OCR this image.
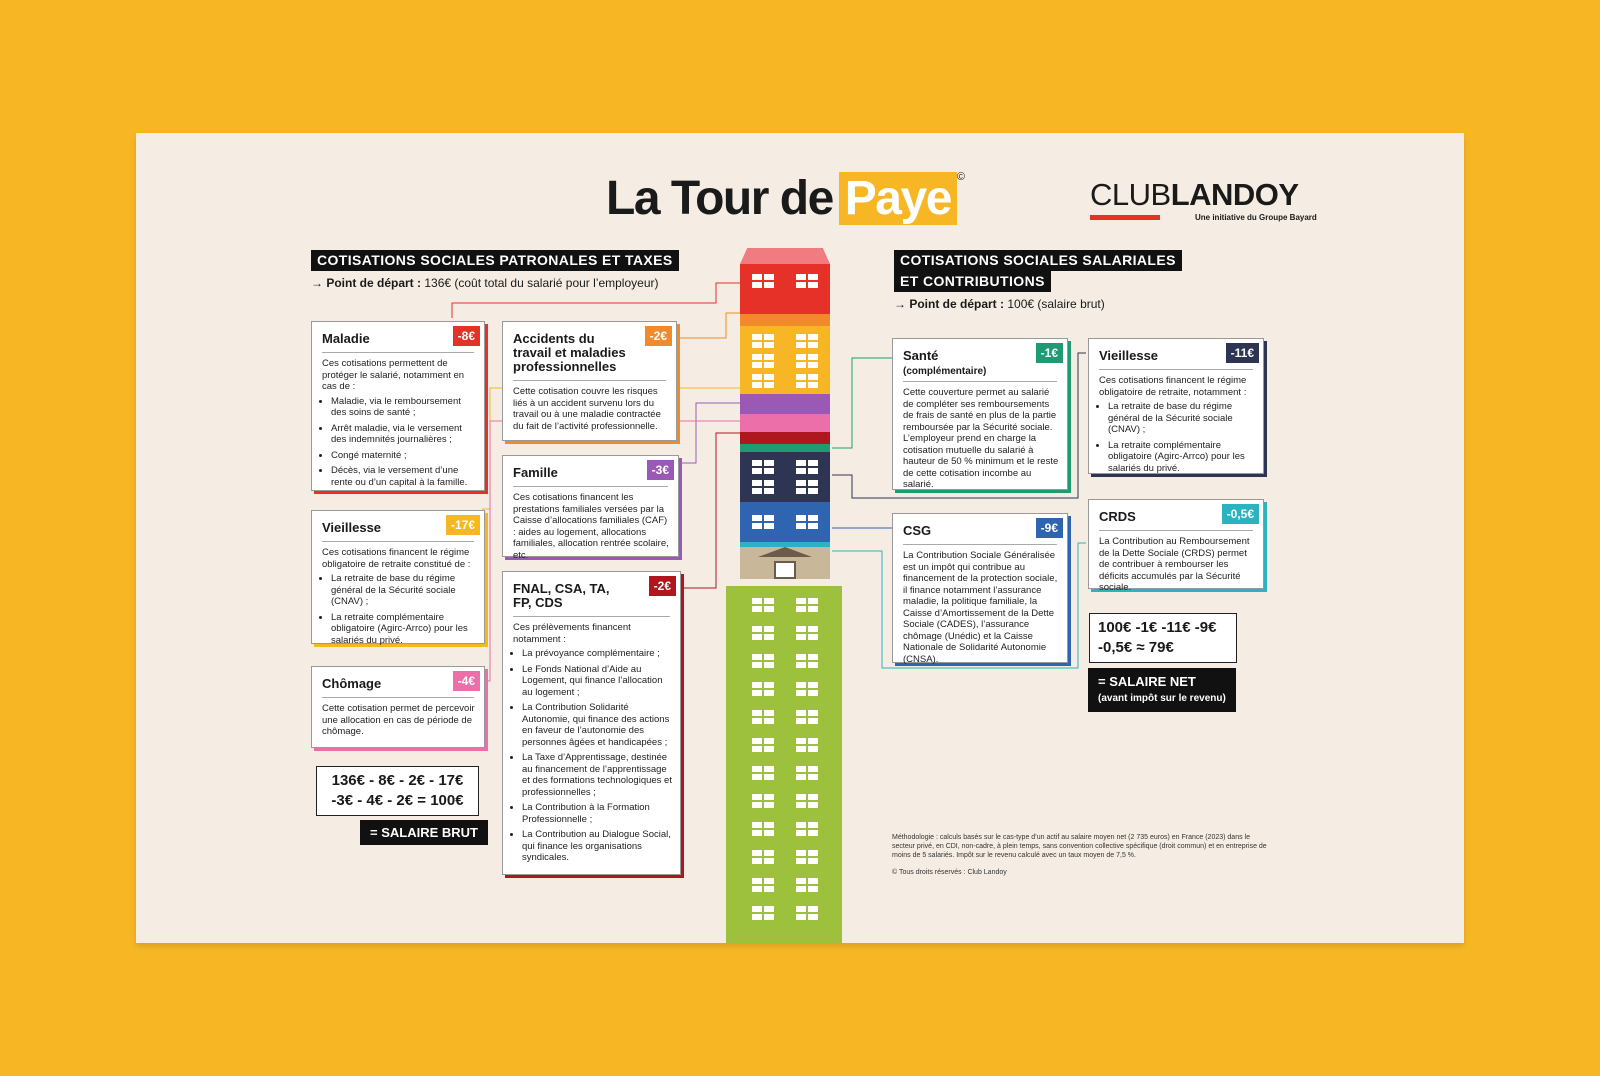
La Tour de Paye ©	CLUBLANDOY
Une initiative du Groupe Bayard
COTISATIONS SOCIALES PATRONALES ET TAXES
→ Point de départ : 136€ (coût total du salarié pour l’employeur)
COTISATIONS SOCIALES SALARIALES
ET CONTRIBUTIONS
→ Point de départ : 100€ (salaire brut)
Maladie	-8€
Ces cotisations permettent de protéger le salarié, notamment en cas de :
• Maladie, via le remboursement des soins de santé ;
• Arrêt maladie, via le versement des indemnités journalières ;
• Congé maternité ;
• Décès, via le versement d’une rente ou d’un capital à la famille.
Accidents du
travail et maladies
professionnelles
-2€
Cette cotisation couvre les risques liés à un accident survenu lors du travail ou à une maladie contractée du fait de l’activité professionnelle.
Vieillesse	-17€
Ces cotisations financent le régime obligatoire de retraite constitué de :
• La retraite de base du régime général de la Sécurité sociale (CNAV) ;
• La retraite complémentaire obligatoire (Agirc-Arrco) pour les salariés du privé.
Famille	-3€
Ces cotisations financent les prestations familiales versées par la Caisse d’allocations familiales (CAF) : aides au logement, allocations familiales, allocation rentrée scolaire, etc.
Chômage	-4€
Cette cotisation permet de percevoir une allocation en cas de période de chômage.
FNAL, CSA, TA,
FP, CDS
-2€
Ces prélèvements financent notamment :
• La prévoyance complémentaire ;
• Le Fonds National d’Aide au Logement, qui finance l’allocation au logement ;
• La Contribution Solidarité Autonomie, qui finance des actions en faveur de l’autonomie des personnes âgées et handicapées ;
• La Taxe d’Apprentissage, destinée au financement de l’apprentissage et des formations technologiques et professionnelles ;
• La Contribution à la Formation Professionnelle ;
• La Contribution au Dialogue Social, qui finance les organisations syndicales.
136€ - 8€ - 2€ - 17€
-3€ - 4€ - 2€ = 100€
= SALAIRE BRUT
Santé
(complémentaire)
-1€
Cette couverture permet au salarié de compléter ses remboursements de frais de santé en plus de la partie remboursée par la Sécurité sociale. L’employeur prend en charge la cotisation mutuelle du salarié à hauteur de 50 % minimum et le reste de cette cotisation incombe au salarié.
Vieillesse	-11€
Ces cotisations financent le régime obligatoire de retraite, notamment :
• La retraite de base du régime général de la Sécurité sociale (CNAV) ;
• La retraite complémentaire obligatoire (Agirc-Arrco) pour les salariés du privé.
CSG	-9€
La Contribution Sociale Généralisée est un impôt qui contribue au financement de la protection sociale, il finance notamment l’assurance maladie, la politique familiale, la Caisse d’Amortissement de la Dette Sociale (CADES), l’assurance chômage (Unédic) et la Caisse Nationale de Solidarité Autonomie (CNSA).
CRDS	-0,5€
La Contribution au Remboursement de la Dette Sociale (CRDS) permet de contribuer à rembourser les déficits accumulés par la Sécurité sociale.
100€ -1€ -11€ -9€
-0,5€ ≈ 79€
= SALAIRE NET
(avant impôt sur le revenu)
Méthodologie : calculs basés sur le cas-type d’un actif au salaire moyen net (2 735 euros) en France (2023) dans le secteur privé, en CDI, non-cadre, à plein temps, sans convention collective spécifique (droit commun) et en entreprise de moins de 5 salariés. Impôt sur le revenu calculé avec un taux moyen de 7,5 %.
© Tous droits réservés : Club Landoy
